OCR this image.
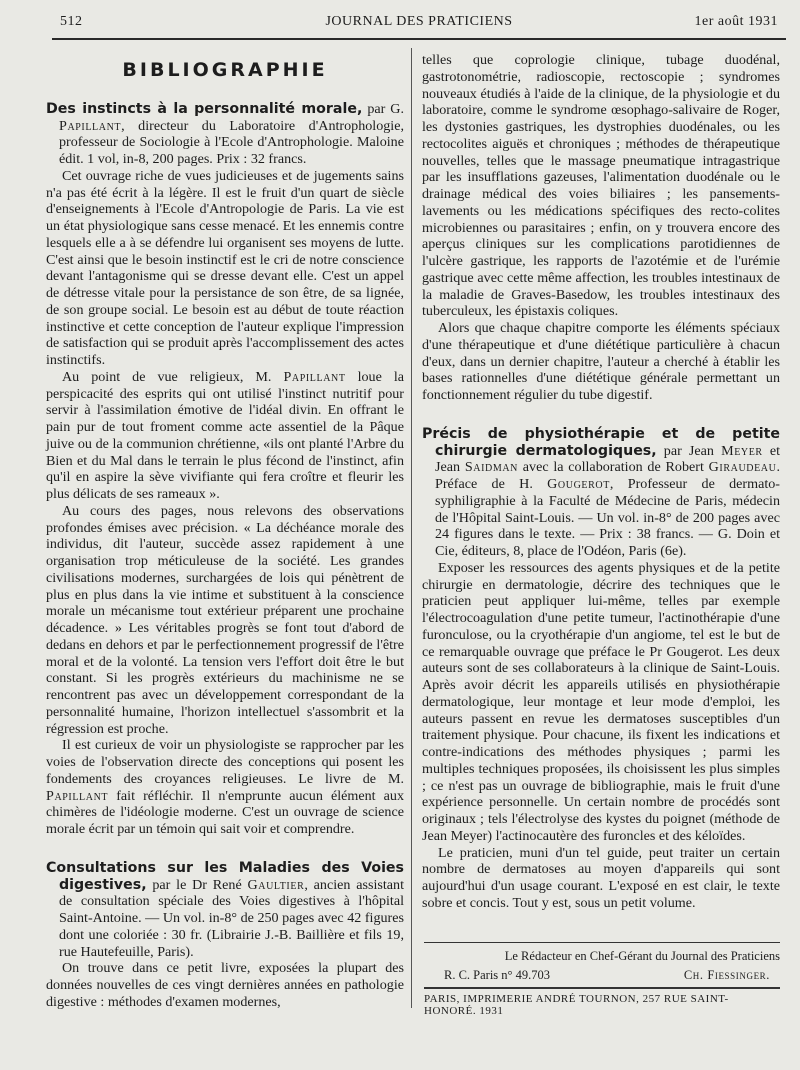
512	JOURNAL DES PRATICIENS	1er août 1931
BIBLIOGRAPHIE

Des instincts à la personnalité morale, par G. Papillant, directeur du Laboratoire d'Antrophologie, professeur de Sociologie à l'Ecole d'Antrophologie. Maloine édit. 1 vol, in-8, 200 pages. Prix : 32 francs.

Cet ouvrage riche de vues judicieuses et de jugements sains n'a pas été écrit à la légère. Il est le fruit d'un quart de siècle d'enseignements à l'Ecole d'Antropologie de Paris. La vie est un état physiologique sans cesse menacé. Et les ennemis contre lesquels elle a à se défendre lui organisent ses moyens de lutte. C'est ainsi que le besoin instinctif est le cri de notre conscience devant l'antagonisme qui se dresse devant elle. C'est un appel de détresse vitale pour la persistance de son être, de sa lignée, de son groupe social. Le besoin est au début de toute réaction instinctive et cette conception de l'auteur explique l'impression de satisfaction qui se produit après l'accomplissement des actes instinctifs.

Au point de vue religieux, M. Papillant loue la perspicacité des esprits qui ont utilisé l'instinct nutritif pour servir à l'assimilation émotive de l'idéal divin. En offrant le pain pur de tout froment comme acte assentiel de la Pâque juive ou de la communion chrétienne, «ils ont planté l'Arbre du Bien et du Mal dans le terrain le plus fécond de l'instinct, afin qu'il en aspire la sève vivifiante qui fera croître et fleurir les plus délicats de ses rameaux ».

Au cours des pages, nous relevons des observations profondes émises avec précision. « La déchéance morale des individus, dit l'auteur, succède assez rapidement à une organisation trop méticuleuse de la société. Les grandes civilisations modernes, surchargées de lois qui pénètrent de plus en plus dans la vie intime et substituent à la conscience morale un mécanisme tout extérieur préparent une prochaine décadence. » Les véritables progrès se font tout d'abord de dedans en dehors et par le perfectionnement progressif de l'être moral et de la volonté. La tension vers l'effort doit être le but constant. Si les progrès extérieurs du machinisme ne se rencontrent pas avec un développement correspondant de la personnalité humaine, l'horizon intellectuel s'assombrit et la régression est proche.

Il est curieux de voir un physiologiste se rapprocher par les voies de l'observation directe des conceptions qui posent les fondements des croyances religieuses. Le livre de M. Papillant fait réfléchir. Il n'emprunte aucun élément aux chimères de l'idéologie moderne. C'est un ouvrage de science morale écrit par un témoin qui sait voir et comprendre.

Consultations sur les Maladies des Voies digestives, par le Dr René Gaultier, ancien assistant de consultation spéciale des Voies digestives à l'hôpital Saint-Antoine. — Un vol. in-8° de 250 pages avec 42 figures dont une coloriée : 30 fr. (Librairie J.-B. Baillière et fils 19, rue Hautefeuille, Paris).

On trouve dans ce petit livre, exposées la plupart des données nouvelles de ces vingt dernières années en pathologie digestive : méthodes d'examen modernes,

telles que coprologie clinique, tubage duodénal, gastrotonométrie, radioscopie, rectoscopie ; syndromes nouveaux étudiés à l'aide de la clinique, de la physiologie et du laboratoire, comme le syndrome œsophago-salivaire de Roger, les dystonies gastriques, les dystrophies duodénales, ou les rectocolites aiguës et chroniques ; méthodes de thérapeutique nouvelles, telles que le massage pneumatique intragastrique par les insufflations gazeuses, l'alimentation duodénale ou le drainage médical des voies biliaires ; les pansements-lavements ou les médications spécifiques des recto-colites microbiennes ou parasitaires ; enfin, on y trouvera encore des aperçus cliniques sur les complications parotidiennes de l'ulcère gastrique, les rapports de l'azotémie et de l'urémie gastrique avec cette même affection, les troubles intestinaux de la maladie de Graves-Basedow, les troubles intestinaux des tuberculeux, les épistaxis coliques.

Alors que chaque chapitre comporte les éléments spéciaux d'une thérapeutique et d'une diététique particulière à chacun d'eux, dans un dernier chapitre, l'auteur a cherché à établir les bases rationnelles d'une diététique générale permettant un fonctionnement régulier du tube digestif.

Précis de physiothérapie et de petite chirurgie dermatologiques, par Jean Meyer et Jean Saidman avec la collaboration de Robert Giraudeau. Préface de H. Gougerot, Professeur de dermato-syphiligraphie à la Faculté de Médecine de Paris, médecin de l'Hôpital Saint-Louis. — Un vol. in-8° de 200 pages avec 24 figures dans le texte. — Prix : 38 francs. — G. Doin et Cie, éditeurs, 8, place de l'Odéon, Paris (6e).

Exposer les ressources des agents physiques et de la petite chirurgie en dermatologie, décrire des techniques que le praticien peut appliquer lui-même, telles par exemple l'électrocoagulation d'une petite tumeur, l'actinothérapie d'une furonculose, ou la cryothérapie d'un angiome, tel est le but de ce remarquable ouvrage que préface le Pr Gougerot. Les deux auteurs sont de ses collaborateurs à la clinique de Saint-Louis. Après avoir décrit les appareils utilisés en physiothérapie dermatologique, leur montage et leur mode d'emploi, les auteurs passent en revue les dermatoses susceptibles d'un traitement physique. Pour chacune, ils fixent les indications et contre-indications des méthodes physiques ; parmi les multiples techniques proposées, ils choisissent les plus simples ; ce n'est pas un ouvrage de bibliographie, mais le fruit d'une expérience personnelle. Un certain nombre de procédés sont originaux ; tels l'électrolyse des kystes du poignet (méthode de Jean Meyer) l'actinocautère des furoncles et des kéloïdes.

Le praticien, muni d'un tel guide, peut traiter un certain nombre de dermatoses au moyen d'appareils qui sont aujourd'hui d'un usage courant. L'exposé en est clair, le texte sobre et concis. Tout y est, sous un petit volume.

Le Rédacteur en Chef-Gérant du Journal des Praticiens
R. C. Paris n° 49.703	Ch. Fiessinger.
PARIS, IMPRIMERIE ANDRÉ TOURNON, 257 RUE SAINT-HONORÉ. 1931
